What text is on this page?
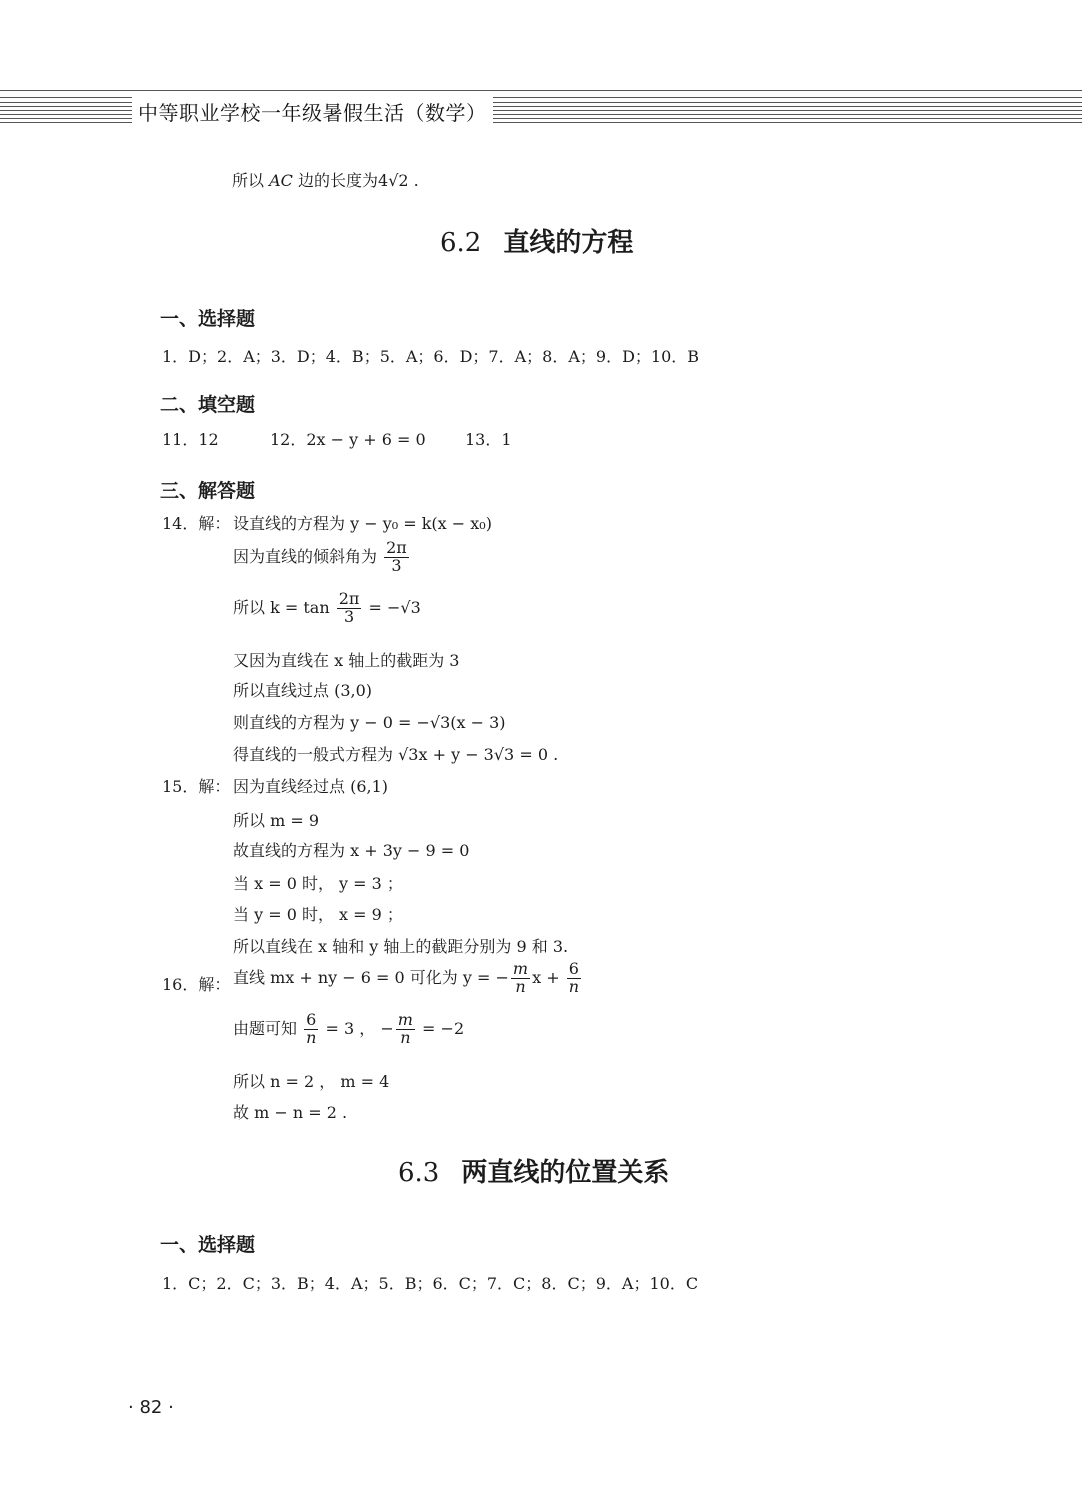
中等职业学校一年级暑假生活（数学）
所以 AC 边的长度为4√2 .
6.2 直线的方程
一、选择题
1．D；2．A；3．D；4．B；5．A；6．D；7．A；8．A；9．D；10．B
二、填空题
11．12	12．2x − y + 6 = 0 13．1
三、解答题
14．解： 设直线的方程为 y − y₀ = k(x − x₀)
因为直线的倾斜角为 $\frac{2\pi}{3}$
所以 $k = \tan \frac{2\pi}{3} = -√3$
又因为直线在 x 轴上的截距为 3
所以直线过点 (3,0)
则直线的方程为 y − 0 = −√3(x − 3)
得直线的一般式方程为 √3x + y − 3√3 = 0 .
15．解： 因为直线经过点 (6,1)
所以 m = 9
故直线的方程为 x + 3y − 9 = 0
当 x = 0 时， y = 3 ；
当 y = 0 时， x = 9 ；
所以直线在 x 轴和 y 轴上的截距分别为 9 和 3.
16．解： 直线 mx + ny − 6 = 0 可化为 y = − $\frac{m}{n}$ $x + \frac{6}{n}$
由题可知 $\frac{6}{n} = 3$ ， − $\frac{m}{n} = -2$
所以 n = 2 ， m = 4
故 m − n = 2 .
6.3 两直线的位置关系
一、选择题
1．C；2．C；3．B；4．A；5．B；6．C；7．C；8．C；9．A；10．C
· 82 ·
